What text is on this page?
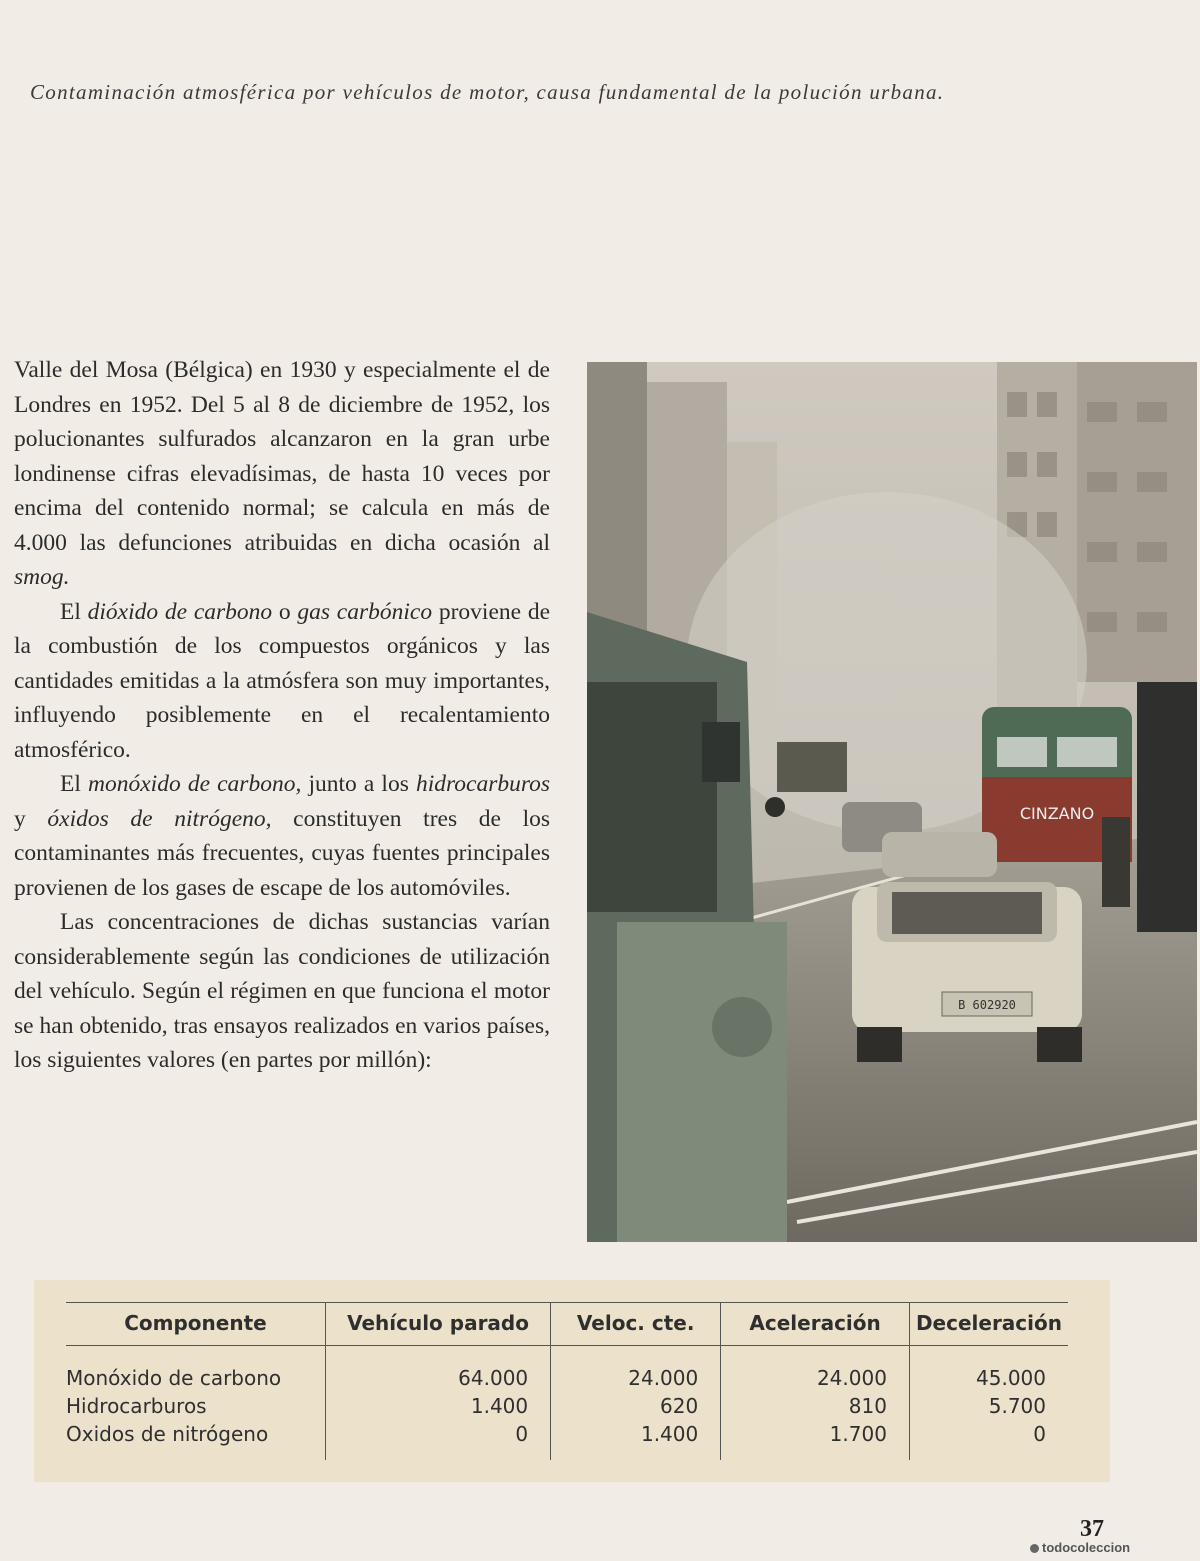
Contaminación atmosférica por vehículos de motor, causa fundamental de la polución urbana.

Valle del Mosa (Bélgica) en 1930 y especialmente el de Londres en 1952. Del 5 al 8 de diciembre de 1952, los polucionantes sulfurados alcanzaron en la gran urbe londinense cifras elevadísimas, de hasta 10 veces por encima del contenido normal; se calcula en más de 4.000 las defunciones atribuidas en dicha ocasión al smog.

El dióxido de carbono o gas carbónico proviene de la combustión de los compuestos orgánicos y las cantidades emitidas a la atmósfera son muy importantes, influyendo posiblemente en el recalentamiento atmosférico.

El monóxido de carbono, junto a los hidrocarburos y óxidos de nitrógeno, constituyen tres de los contaminantes más frecuentes, cuyas fuentes principales provienen de los gases de escape de los automóviles.

Las concentraciones de dichas sustancias varían considerablemente según las condiciones de utilización del vehículo. Según el régimen en que funciona el motor se han obtenido, tras ensayos realizados en varios países, los siguientes valores (en partes por millón):

CINZANO
B 602920
Componente	Vehículo parado	Veloc. cte.	Aceleración	Deceleración
Monóxido de carbono	64.000	24.000	24.000	45.000
Hidrocarburos	1.400	620	810	5.700
Oxidos de nitrógeno	0	1.400	1.700	0
37
todocoleccion
